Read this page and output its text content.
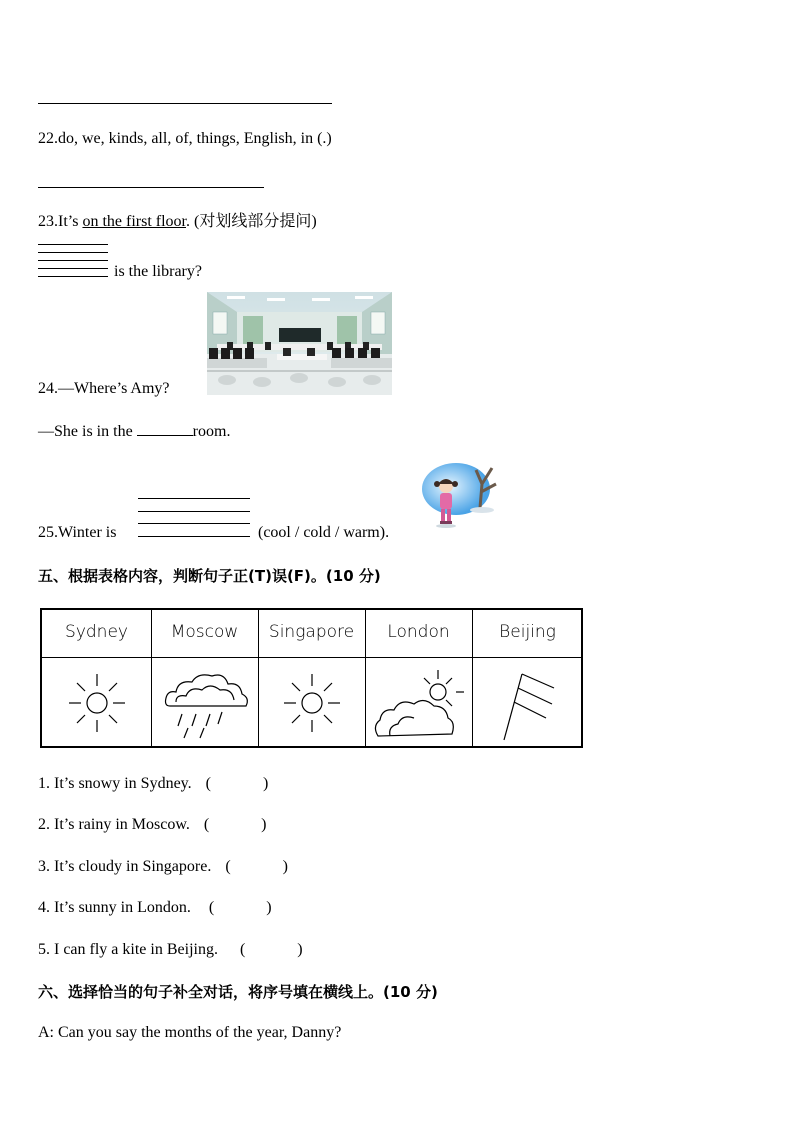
22.do, we, kinds, all, of, things, English, in (.)
23.It’s on the first floor. (对划线部分提问)
is the library?
24.—Where’s Amy?
—She is in the	room.
25.Winter is	(cool / cold / warm).
五、根据表格内容，判断句子正(T)误(F)。(10 分)
Sydney	Moscow	Singapore	London	Beijing
1. It’s snowy in Sydney. (             )
2. It’s rainy in Moscow. (             )
3. It’s cloudy in Singapore. (             )
4. It’s sunny in London. (             )
5. I can fly a kite in Beijing. (             )
六、选择恰当的句子补全对话，将序号填在横线上。(10 分)
A: Can you say the months of the year, Danny?
